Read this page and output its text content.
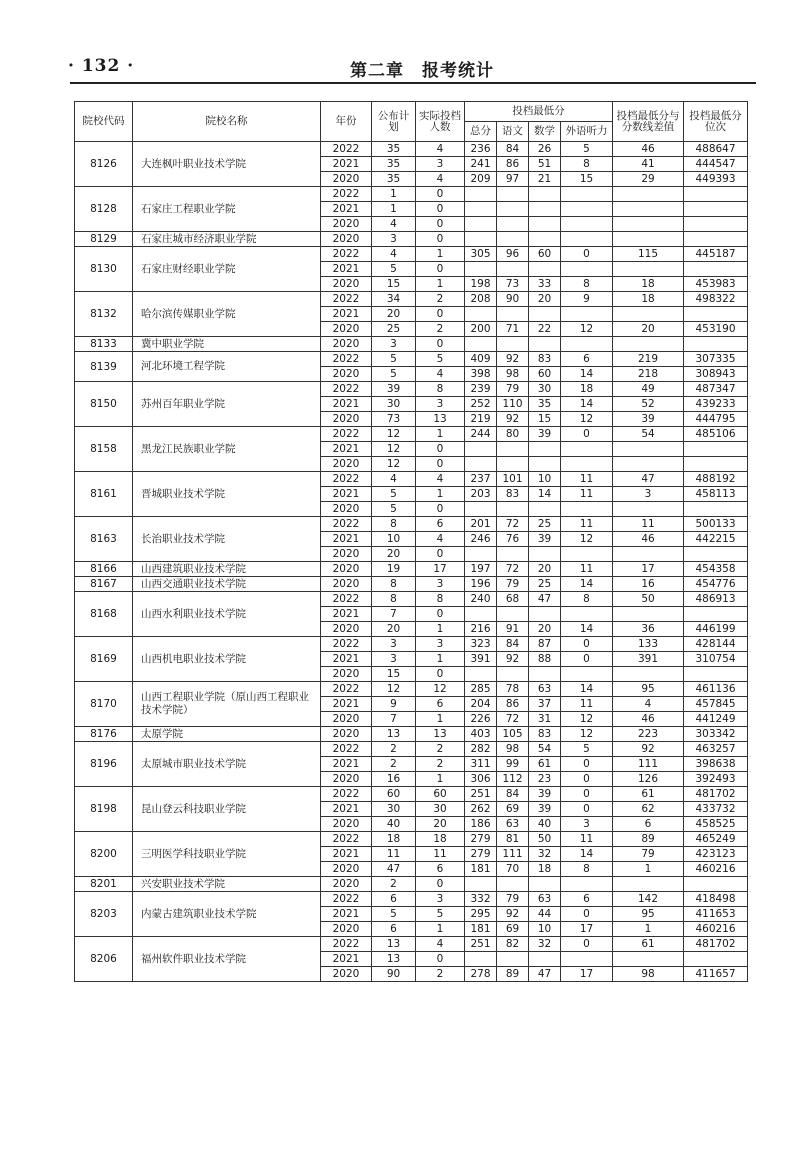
· 132 ·	第二章　报考统计
院校代码	院校名称	年份	公布计划	实际投档人数	投档最低分				投档最低分与分数线差值	投档最低分位次
					总分	语文	数学	外语听力		
8126	大连枫叶职业技术学院	2022	35	4	236	84	26	5	46	488647
		2021	35	3	241	86	51	8	41	444547
		2020	35	4	209	97	21	15	29	449393
8128	石家庄工程职业学院	2022	1	0						
		2021	1	0						
		2020	4	0						
8129	石家庄城市经济职业学院	2020	3	0						
8130	石家庄财经职业学院	2022	4	1	305	96	60	0	115	445187
		2021	5	0						
		2020	15	1	198	73	33	8	18	453983
8132	哈尔滨传媒职业学院	2022	34	2	208	90	20	9	18	498322
		2021	20	0						
		2020	25	2	200	71	22	12	20	453190
8133	冀中职业学院	2020	3	0						
8139	河北环境工程学院	2022	5	5	409	92	83	6	219	307335
		2020	5	4	398	98	60	14	218	308943
8150	苏州百年职业学院	2022	39	8	239	79	30	18	49	487347
		2021	30	3	252	110	35	14	52	439233
		2020	73	13	219	92	15	12	39	444795
8158	黑龙江民族职业学院	2022	12	1	244	80	39	0	54	485106
		2021	12	0						
		2020	12	0						
8161	晋城职业技术学院	2022	4	4	237	101	10	11	47	488192
		2021	5	1	203	83	14	11	3	458113
		2020	5	0						
8163	长治职业技术学院	2022	8	6	201	72	25	11	11	500133
		2021	10	4	246	76	39	12	46	442215
		2020	20	0						
8166	山西建筑职业技术学院	2020	19	17	197	72	20	11	17	454358
8167	山西交通职业技术学院	2020	8	3	196	79	25	14	16	454776
8168	山西水利职业技术学院	2022	8	8	240	68	47	8	50	486913
		2021	7	0						
		2020	20	1	216	91	20	14	36	446199
8169	山西机电职业技术学院	2022	3	3	323	84	87	0	133	428144
		2021	3	1	391	92	88	0	391	310754
		2020	15	0						
8170	山西工程职业学院（原山西工程职业技术学院）	2022	12	12	285	78	63	14	95	461136
		2021	9	6	204	86	37	11	4	457845
		2020	7	1	226	72	31	12	46	441249
8176	太原学院	2020	13	13	403	105	83	12	223	303342
8196	太原城市职业技术学院	2022	2	2	282	98	54	5	92	463257
		2021	2	2	311	99	61	0	111	398638
		2020	16	1	306	112	23	0	126	392493
8198	昆山登云科技职业学院	2022	60	60	251	84	39	0	61	481702
		2021	30	30	262	69	39	0	62	433732
		2020	40	20	186	63	40	3	6	458525
8200	三明医学科技职业学院	2022	18	18	279	81	50	11	89	465249
		2021	11	11	279	111	32	14	79	423123
		2020	47	6	181	70	18	8	1	460216
8201	兴安职业技术学院	2020	2	0						
8203	内蒙古建筑职业技术学院	2022	6	3	332	79	63	6	142	418498
		2021	5	5	295	92	44	0	95	411653
		2020	6	1	181	69	10	17	1	460216
8206	福州软件职业技术学院	2022	13	4	251	82	32	0	61	481702
		2021	13	0						
		2020	90	2	278	89	47	17	98	411657
